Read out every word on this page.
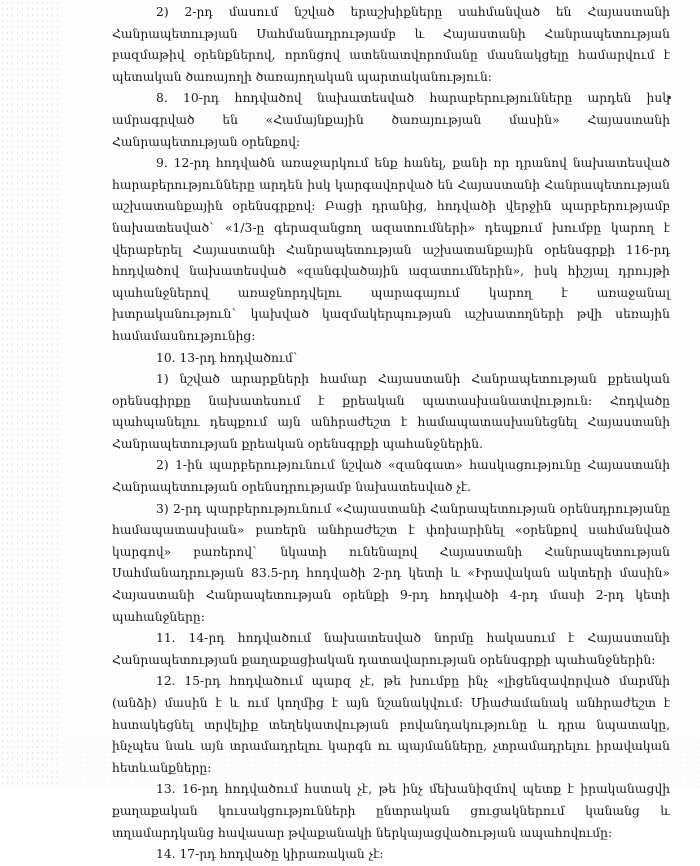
2) 2-րդ մասում նշված երաշխիքները սահմանված են Հայաստանի Հանրապետության Սահմանադրությամբ և Հայաստանի Հանրապետության բազմաթիվ օրենքներով, որոնցով ատենատվորոմանը մասնակցելը համարվում է պետական ծառայողի ծառայողական պարտականություն:

8. 10-րդ հոդվածով նախատեսված հարաբերությունները արդեն իսկ ամրագրված են «Համայնքային ծառայության մասին» Հայաստանի Հանրապետության օրենքով:

9. 12-րդ հոդվածն առաջարկում ենք հանել, քանի որ դրանով նախատեսված հարաբերությունները արդեն իսկ կարգավորված են Հայաստանի Հանրապետության աշխատանքային օրենսգրքով: Բացի դրանից, հոդվածի վերջին պարբերությամբ նախատեսված` «1/3-ը գերազանցող ազատումների» դեպքում խումբը կարող է վերաբերել Հայաստանի Հանրապետության աշխատանքային օրենսգրքի 116-րդ հոդվածով նախատեսված «զանգվածային ազատումներին», իսկ հիշյալ դրույթի պահանջներով առաջնորդվելու պարագայում կարող է առաջանալ խտրականություն` կախված կազմակերպության աշխատողների թվի սեռային համամասնությունից:

10. 13-րդ հոդվածում`

1) նշված արարքների համար Հայաստանի Հանրապետության քրեական օրենսգիրքը նախատեսում է քրեական պատասխանատվություն: Հոդվածը պահպանելու դեպքում այն անհրաժեշտ է համապատասխանեցնել Հայաստանի Հանրապետության քրեական օրենսգրքի պահանջներին.

2) 1-ին պարբերությունում նշված «զանգատ» հասկացությունը Հայաստանի Հանրապետության օրենսդրությամբ նախատեսված չէ.

3) 2-րդ պարբերությունում «Հայաստանի Հանրապետության օրենսդրությանը համապատասխան» բառերն անհրաժեշտ է փոխարինել «օրենքով սահմանված կարգով» բառերով` նկատի ունենալով Հայաստանի Հանրապետության Սահմանադրության 83.5-րդ հոդվածի 2-րդ կետի և «Իրավական ակտերի մասին» Հայաստանի Հանրապետության օրենքի 9-րդ հոդվածի 4-րդ մասի 2-րդ կետի պահանջները:

11. 14-րդ հոդվածում նախատեսված նորմը հակասում է Հայաստանի Հանրապետության քաղաքացիական դատավարության օրենսգրքի պահանջներին:

12. 15-րդ հոդվածում պարզ չէ, թե խումբը ինչ «լիցենզավորված մարմնի (անձի) մասին է և ում կողմից է այն նշանակվում: Միաժամանակ անհրաժեշտ է հստակեցնել տրվելիք տեղեկատվության բովանդակությունը և դրա նպատակը, ինչպես նաև այն տրամադրելու կարգն ու պայմանները, չտրամադրելու իրավական հետևանքները:

13. 16-րդ հոդվածում հստակ չէ, թե ինչ մեխանիզմով պետք է իրականացվի քաղաքական կուսակցությունների ընտրական ցուցակներում կանանց և տղամարդկանց հավասար թվաքանակի ներկայացվածության ապահովումը:

14. 17-րդ հոդվածը կիրառական չէ:
